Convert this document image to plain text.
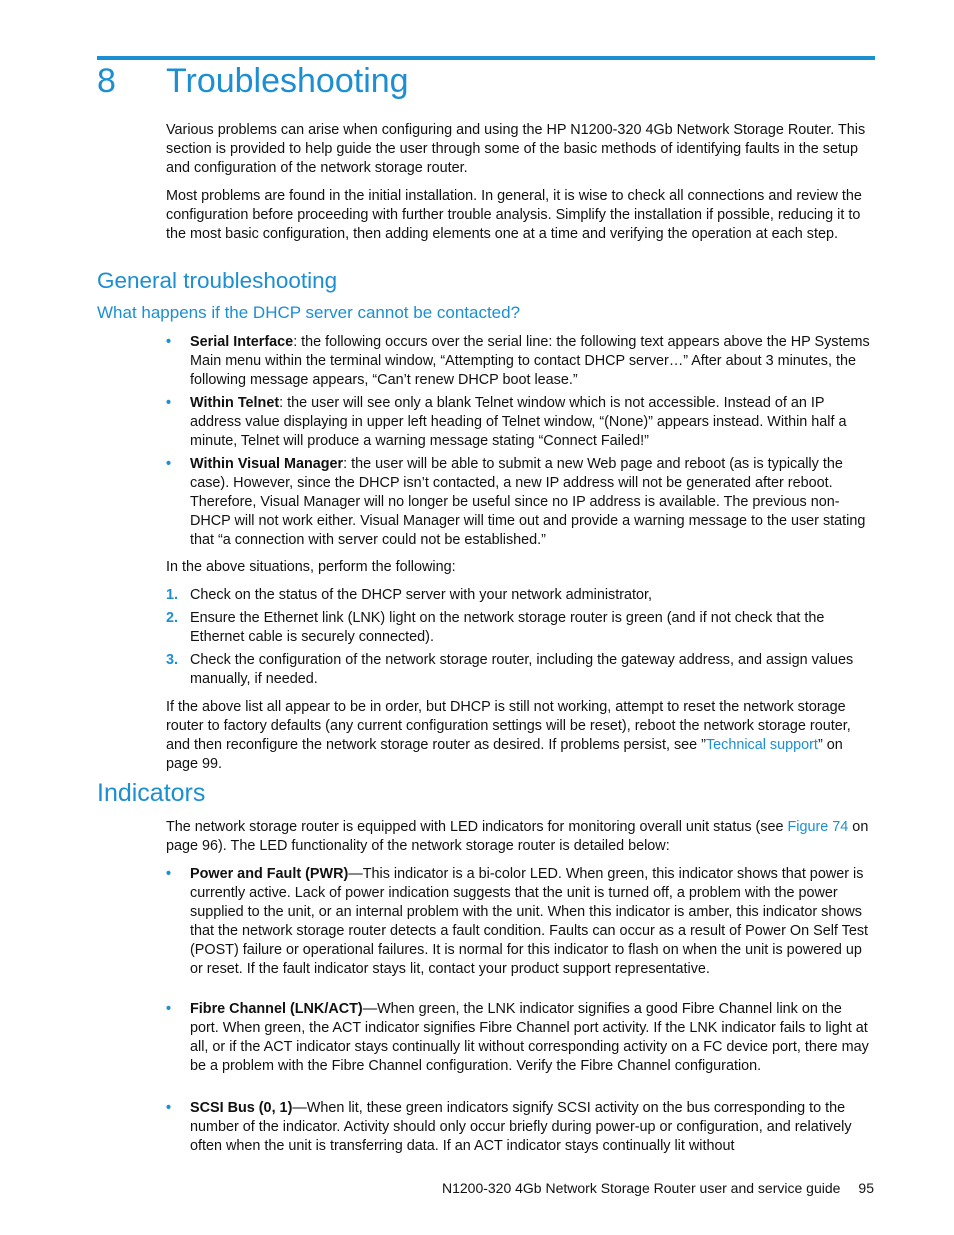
8 Troubleshooting

Various problems can arise when configuring and using the HP N1200-320 4Gb Network Storage Router. This section is provided to help guide the user through some of the basic methods of identifying faults in the setup and configuration of the network storage router.

Most problems are found in the initial installation. In general, it is wise to check all connections and review the configuration before proceeding with further trouble analysis. Simplify the installation if possible, reducing it to the most basic configuration, then adding elements one at a time and verifying the operation at each step.

General troubleshooting
What happens if the DHCP server cannot be contacted?
• Serial Interface: the following occurs over the serial line: the following text appears above the HP Systems Main menu within the terminal window, “Attempting to contact DHCP server…” After about 3 minutes, the following message appears, “Can’t renew DHCP boot lease.”
• Within Telnet: the user will see only a blank Telnet window which is not accessible. Instead of an IP address value displaying in upper left heading of Telnet window, “(None)” appears instead. Within half a minute, Telnet will produce a warning message stating “Connect Failed!”
• Within Visual Manager: the user will be able to submit a new Web page and reboot (as is typically the case). However, since the DHCP isn’t contacted, a new IP address will not be generated after reboot. Therefore, Visual Manager will no longer be useful since no IP address is available. The previous non-DHCP will not work either. Visual Manager will time out and provide a warning message to the user stating that “a connection with server could not be established.”

In the above situations, perform the following:

1. Check on the status of the DHCP server with your network administrator,
2. Ensure the Ethernet link (LNK) light on the network storage router is green (and if not check that the Ethernet cable is securely connected).
3. Check the configuration of the network storage router, including the gateway address, and assign values manually, if needed.

If the above list all appear to be in order, but DHCP is still not working, attempt to reset the network storage router to factory defaults (any current configuration settings will be reset), reboot the network storage router, and then reconfigure the network storage router as desired. If problems persist, see ”Technical support” on page 99.

Indicators

The network storage router is equipped with LED indicators for monitoring overall unit status (see Figure 74 on page 96). The LED functionality of the network storage router is detailed below:

• Power and Fault (PWR)—This indicator is a bi-color LED. When green, this indicator shows that power is currently active. Lack of power indication suggests that the unit is turned off, a problem with the power supplied to the unit, or an internal problem with the unit. When this indicator is amber, this indicator shows that the network storage router detects a fault condition. Faults can occur as a result of Power On Self Test (POST) failure or operational failures. It is normal for this indicator to flash on when the unit is powered up or reset. If the fault indicator stays lit, contact your product support representative.
• Fibre Channel (LNK/ACT)—When green, the LNK indicator signifies a good Fibre Channel link on the port. When green, the ACT indicator signifies Fibre Channel port activity. If the LNK indicator fails to light at all, or if the ACT indicator stays continually lit without corresponding activity on a FC device port, there may be a problem with the Fibre Channel configuration. Verify the Fibre Channel configuration.
• SCSI Bus (0, 1)—When lit, these green indicators signify SCSI activity on the bus corresponding to the number of the indicator. Activity should only occur briefly during power-up or configuration, and relatively often when the unit is transferring data. If an ACT indicator stays continually lit without
N1200-320 4Gb Network Storage Router user and service guide 95
